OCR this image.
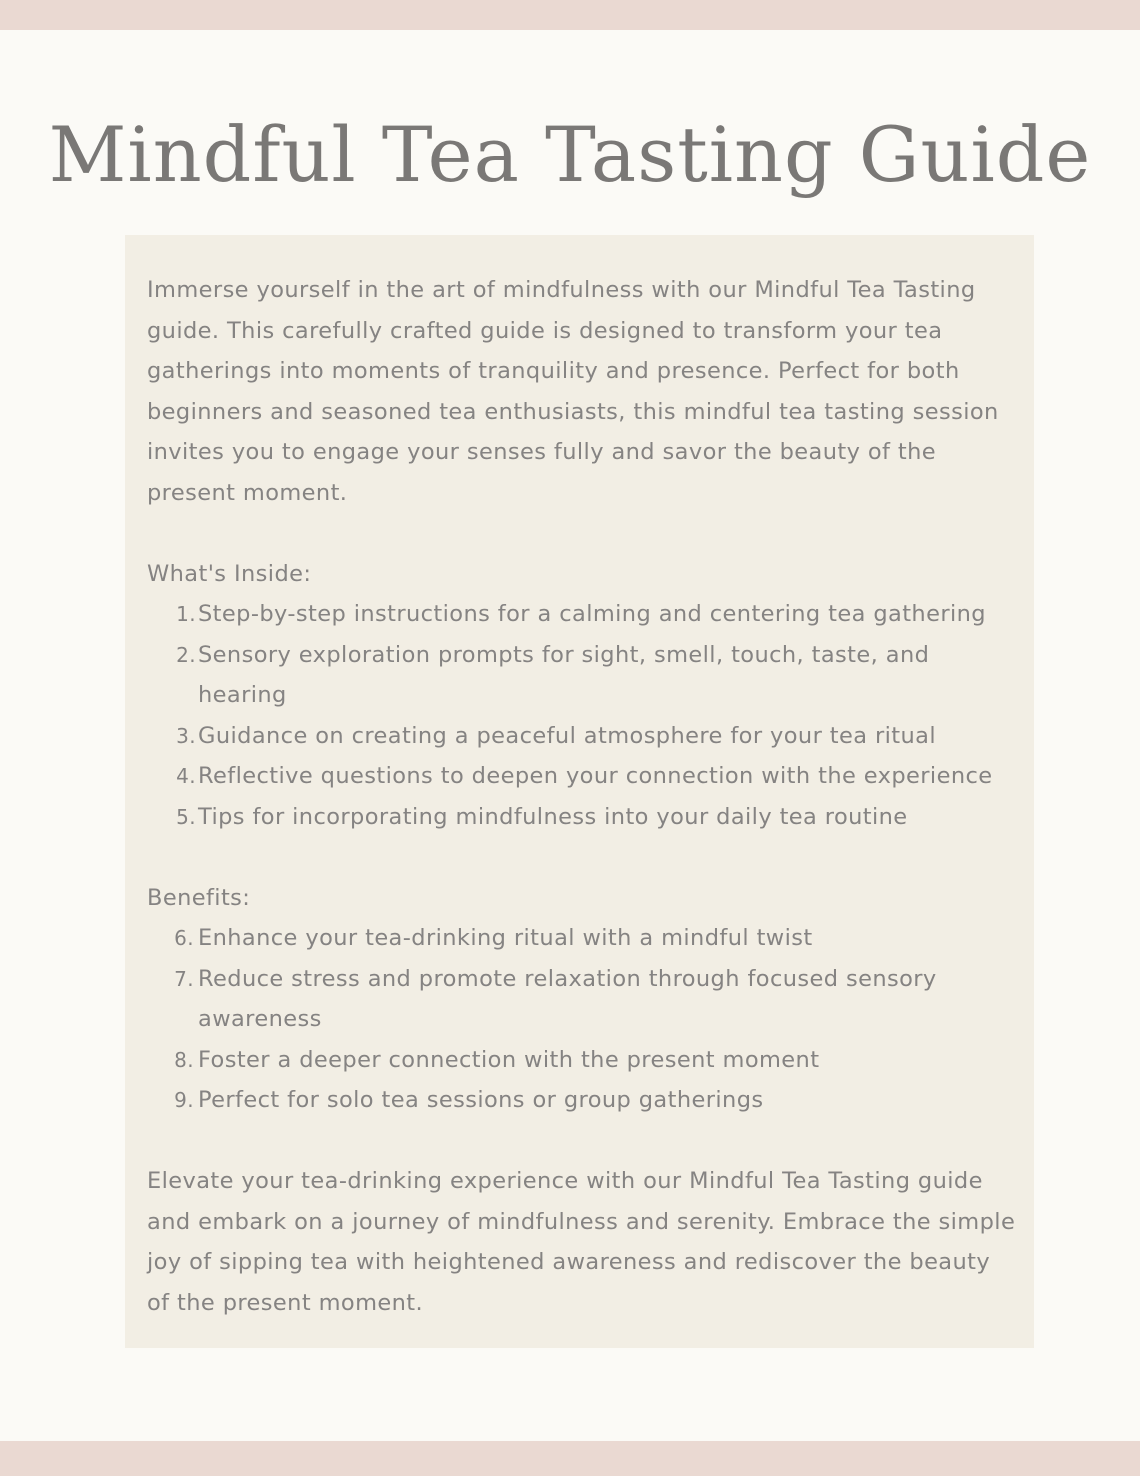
Mindful Tea Tasting Guide

Immerse yourself in the art of mindfulness with our Mindful Tea Tasting guide. This carefully crafted guide is designed to transform your tea gatherings into moments of tranquility and presence. Perfect for both beginners and seasoned tea enthusiasts, this mindful tea tasting session invites you to engage your senses fully and savor the beauty of the present moment.

What's Inside:

1. Step-by-step instructions for a calming and centering tea gathering
2. Sensory exploration prompts for sight, smell, touch, taste, and hearing
3. Guidance on creating a peaceful atmosphere for your tea ritual
4. Reflective questions to deepen your connection with the experience
5. Tips for incorporating mindfulness into your daily tea routine

Benefits:

6. Enhance your tea-drinking ritual with a mindful twist
7. Reduce stress and promote relaxation through focused sensory awareness
8. Foster a deeper connection with the present moment
9. Perfect for solo tea sessions or group gatherings

Elevate your tea-drinking experience with our Mindful Tea Tasting guide and embark on a journey of mindfulness and serenity. Embrace the simple joy of sipping tea with heightened awareness and rediscover the beauty of the present moment.
